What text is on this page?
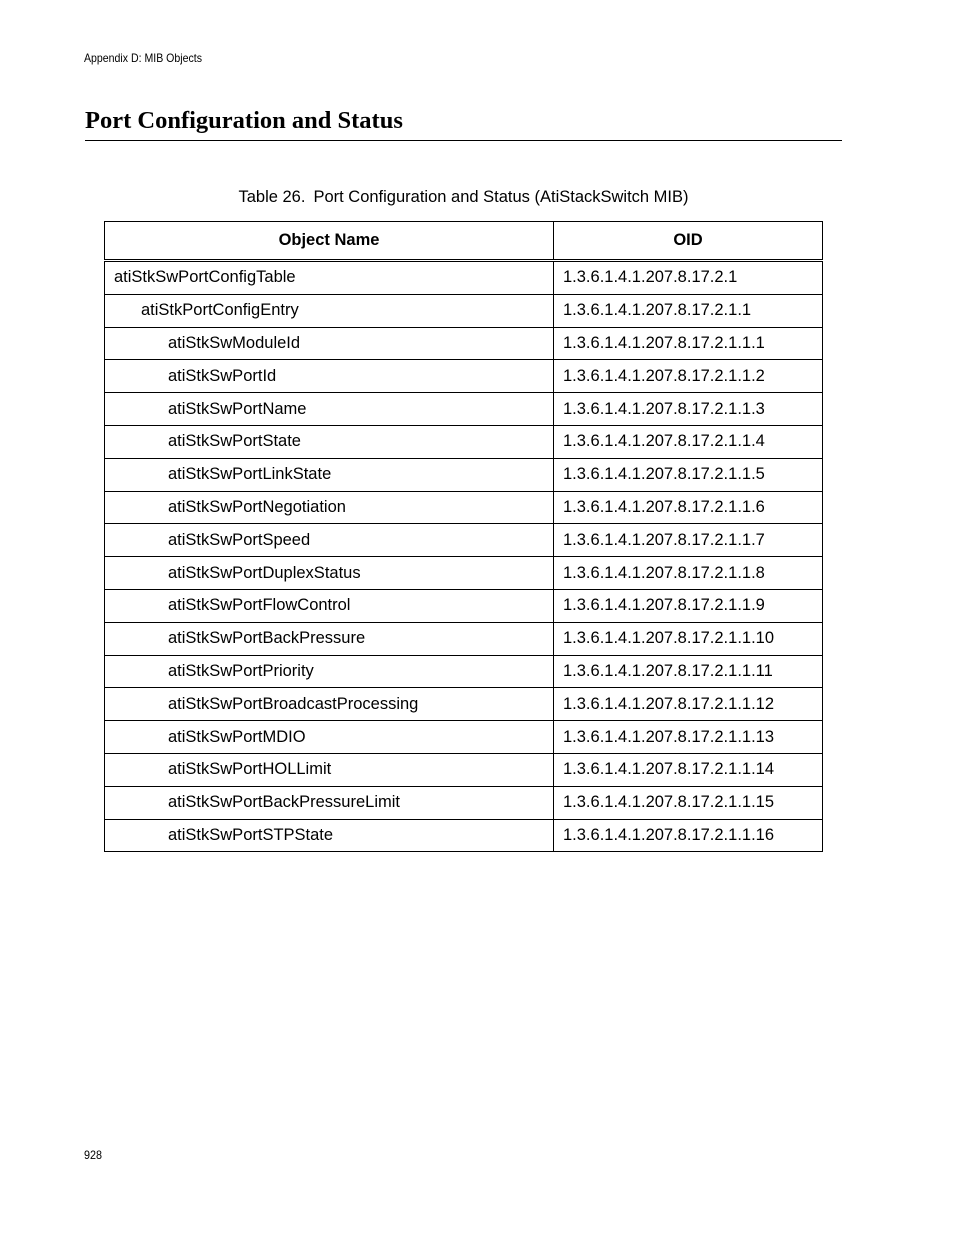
Appendix D: MIB Objects
Port Configuration and Status
Table 26. Port Configuration and Status (AtiStackSwitch MIB)
Object Name	OID
atiStkSwPortConfigTable	1.3.6.1.4.1.207.8.17.2.1
atiStkPortConfigEntry	1.3.6.1.4.1.207.8.17.2.1.1
atiStkSwModuleId	1.3.6.1.4.1.207.8.17.2.1.1.1
atiStkSwPortId	1.3.6.1.4.1.207.8.17.2.1.1.2
atiStkSwPortName	1.3.6.1.4.1.207.8.17.2.1.1.3
atiStkSwPortState	1.3.6.1.4.1.207.8.17.2.1.1.4
atiStkSwPortLinkState	1.3.6.1.4.1.207.8.17.2.1.1.5
atiStkSwPortNegotiation	1.3.6.1.4.1.207.8.17.2.1.1.6
atiStkSwPortSpeed	1.3.6.1.4.1.207.8.17.2.1.1.7
atiStkSwPortDuplexStatus	1.3.6.1.4.1.207.8.17.2.1.1.8
atiStkSwPortFlowControl	1.3.6.1.4.1.207.8.17.2.1.1.9
atiStkSwPortBackPressure	1.3.6.1.4.1.207.8.17.2.1.1.10
atiStkSwPortPriority	1.3.6.1.4.1.207.8.17.2.1.1.11
atiStkSwPortBroadcastProcessing	1.3.6.1.4.1.207.8.17.2.1.1.12
atiStkSwPortMDIO	1.3.6.1.4.1.207.8.17.2.1.1.13
atiStkSwPortHOLLimit	1.3.6.1.4.1.207.8.17.2.1.1.14
atiStkSwPortBackPressureLimit	1.3.6.1.4.1.207.8.17.2.1.1.15
atiStkSwPortSTPState	1.3.6.1.4.1.207.8.17.2.1.1.16
928
